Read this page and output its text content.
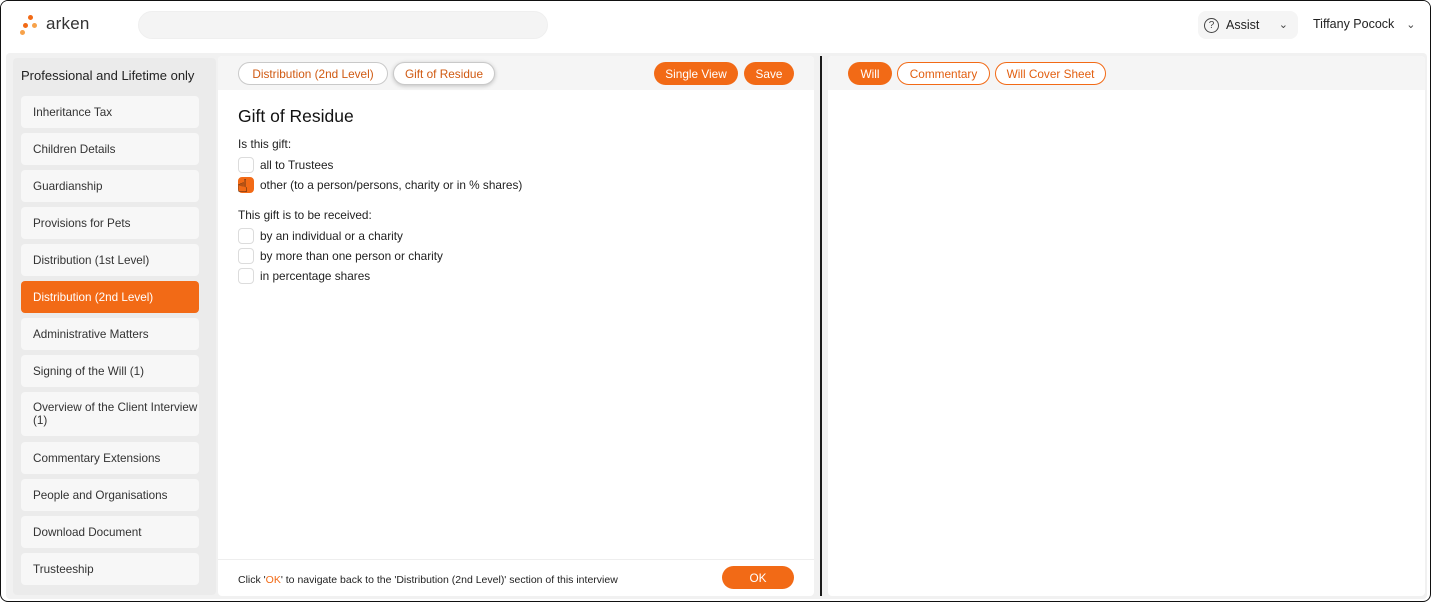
arken	? Assist ⌄ Tiffany Pocock ⌄
Professional and Lifetime only
Inheritance Tax
Children Details
Guardianship
Provisions for Pets
Distribution (1st Level)
Distribution (2nd Level)
Administrative Matters
Signing of the Will (1)
Overview of the Client Interview (1)
Commentary Extensions
People and Organisations
Download Document
Trusteeship
Distribution (2nd Level)	Gift of Residue	Single View	Save
Gift of Residue
Is this gift:
all to Trustees
☝ other (to a person/persons, charity or in % shares)
This gift is to be received:
by an individual or a charity
by more than one person or charity
in percentage shares
Click 'OK' to navigate back to the 'Distribution (2nd Level)' section of this interview	OK
Will	Commentary	Will Cover Sheet
